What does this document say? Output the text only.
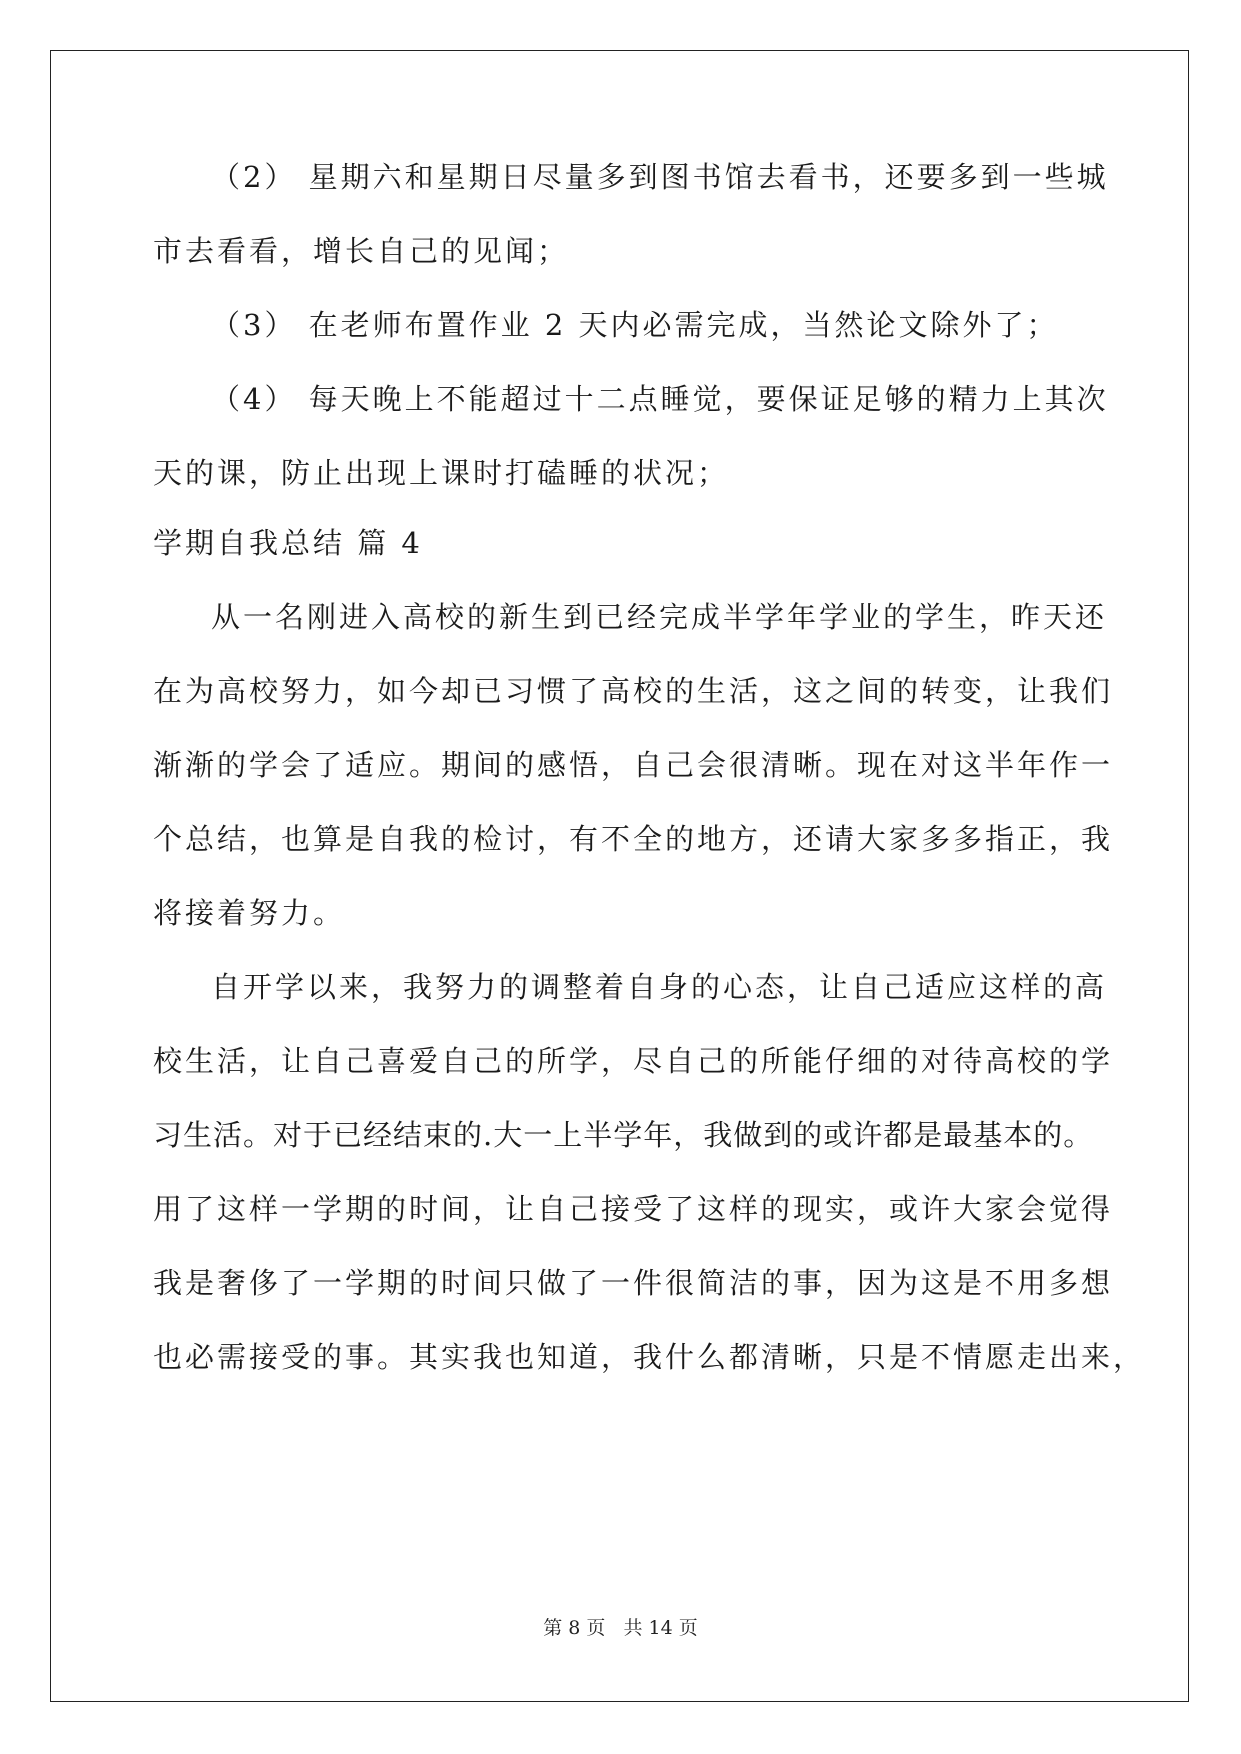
（2） 星期六和星期日尽量多到图书馆去看书，还要多到一些城
市去看看，增长自己的见闻；
（3） 在老师布置作业 2 天内必需完成，当然论文除外了；
（4） 每天晚上不能超过十二点睡觉，要保证足够的精力上其次
天的课，防止出现上课时打磕睡的状况；
学期自我总结 篇 4
从一名刚进入高校的新生到已经完成半学年学业的学生，昨天还
在为高校努力，如今却已习惯了高校的生活，这之间的转变，让我们
渐渐的学会了适应。期间的感悟，自己会很清晰。现在对这半年作一
个总结，也算是自我的检讨，有不全的地方，还请大家多多指正，我
将接着努力。
自开学以来，我努力的调整着自身的心态，让自己适应这样的高
校生活，让自己喜爱自己的所学，尽自己的所能仔细的对待高校的学
习生活。对于已经结束的.大一上半学年，我做到的或许都是最基本的。
用了这样一学期的时间，让自己接受了这样的现实，或许大家会觉得
我是奢侈了一学期的时间只做了一件很简洁的事，因为这是不用多想
也必需接受的事。其实我也知道，我什么都清晰，只是不情愿走出来，
第 8 页 共 14 页
